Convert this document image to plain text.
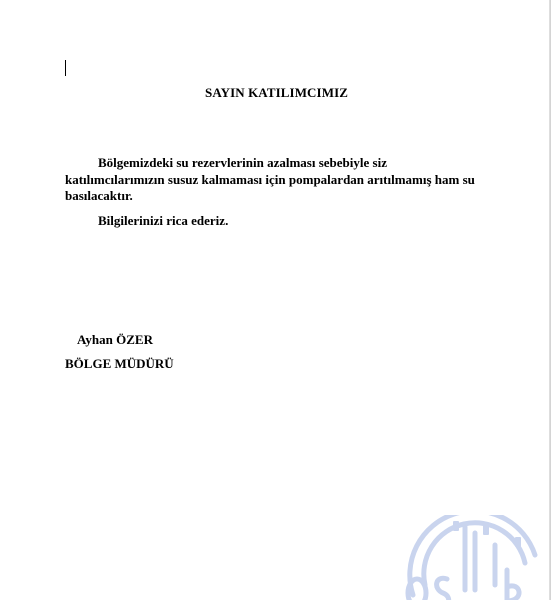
SAYIN KATILIMCIMIZ

Bölgemizdeki su rezervlerinin azalması sebebiyle siz katılımcılarımızın susuz kalmaması için pompalardan arıtılmamış ham su basılacaktır.

Bilgilerinizi rica ederiz.

Ayhan ÖZER
BÖLGE MÜDÜRÜ
